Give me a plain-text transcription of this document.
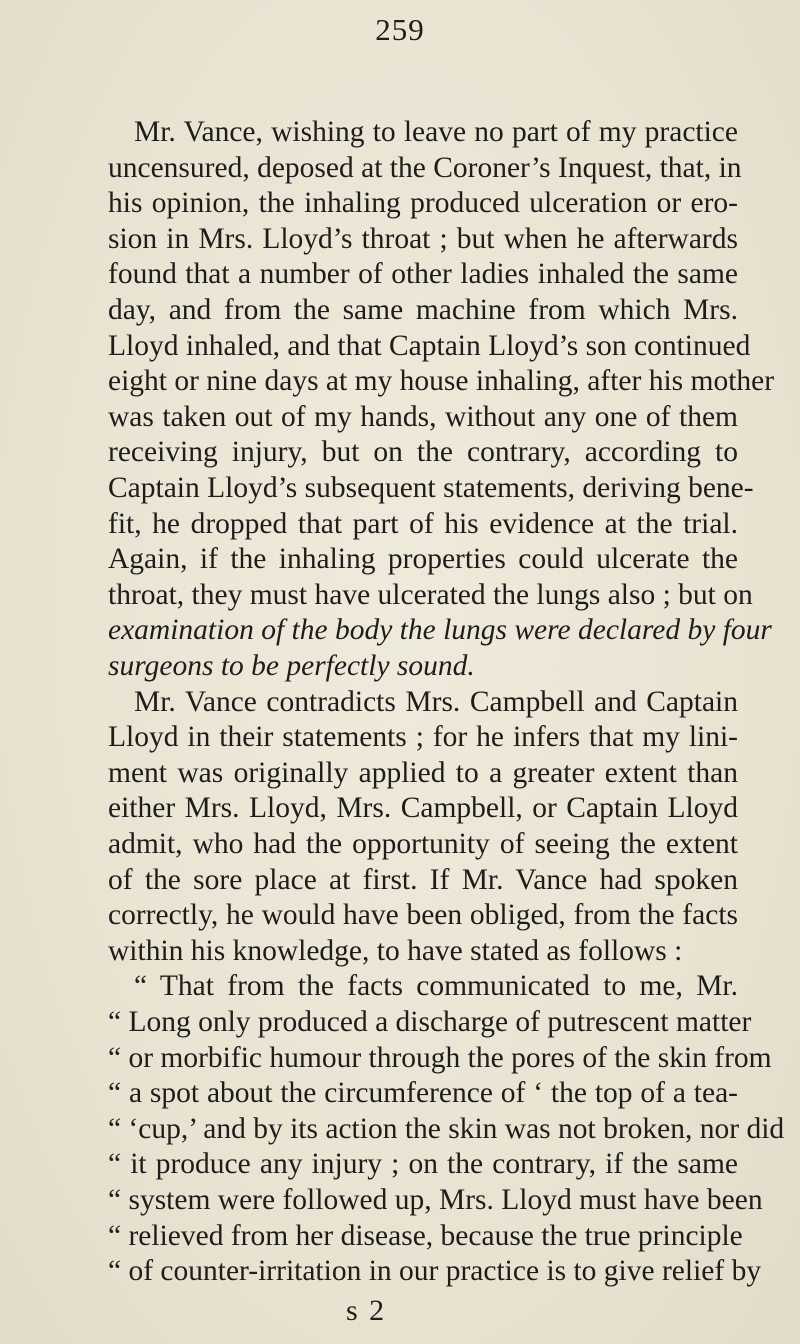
259
Mr. Vance, wishing to leave no part of my practice
uncensured, deposed at the Coroner’s Inquest, that, in
his opinion, the inhaling produced ulceration or ero-
sion in Mrs. Lloyd’s throat ; but when he afterwards
found that a number of other ladies inhaled the same
day, and from the same machine from which Mrs.
Lloyd inhaled, and that Captain Lloyd’s son continued
eight or nine days at my house inhaling, after his mother
was taken out of my hands, without any one of them
receiving injury, but on the contrary, according to
Captain Lloyd’s subsequent statements, deriving bene-
fit, he dropped that part of his evidence at the trial.
Again, if the inhaling properties could ulcerate the
throat, they must have ulcerated the lungs also ; but on
examination of the body the lungs were declared by four
surgeons to be perfectly sound.
Mr. Vance contradicts Mrs. Campbell and Captain
Lloyd in their statements ; for he infers that my lini-
ment was originally applied to a greater extent than
either Mrs. Lloyd, Mrs. Campbell, or Captain Lloyd
admit, who had the opportunity of seeing the extent
of the sore place at first. If Mr. Vance had spoken
correctly, he would have been obliged, from the facts
within his knowledge, to have stated as follows :
“ That from the facts communicated to me, Mr.
“ Long only produced a discharge of putrescent matter
“ or morbific humour through the pores of the skin from
“ a spot about the circumference of ‘ the top of a tea-
“ ‘cup,’ and by its action the skin was not broken, nor did
“ it produce any injury ; on the contrary, if the same
“ system were followed up, Mrs. Lloyd must have been
“ relieved from her disease, because the true principle
“ of counter-irritation in our practice is to give relief by
s 2
